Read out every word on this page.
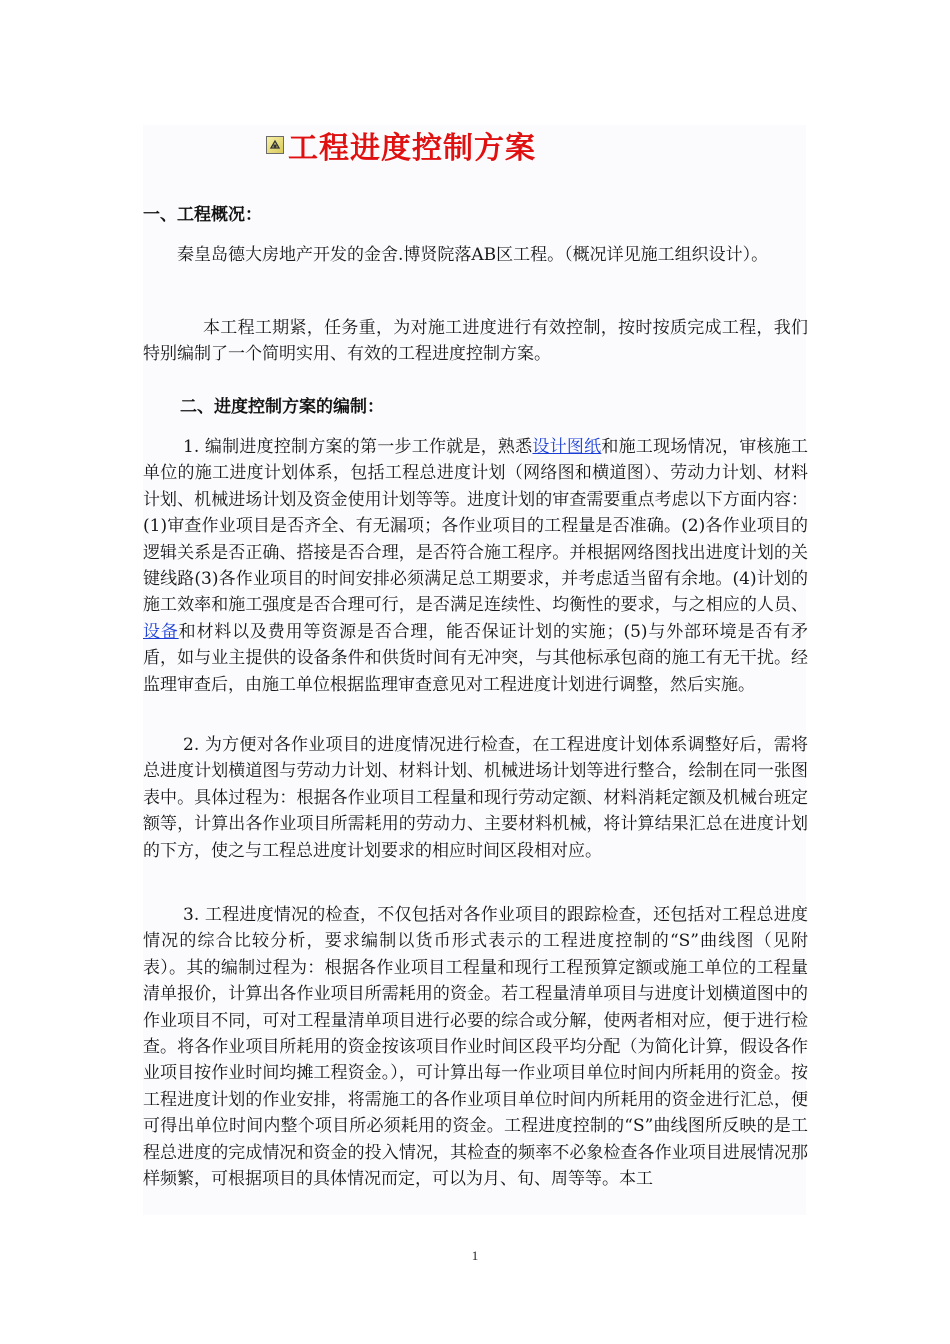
工程进度控制方案
一、工程概况：

秦皇岛德大房地产开发的金舍.博贤院落AB区工程。（概况详见施工组织设计）。

本工程工期紧，任务重，为对施工进度进行有效控制，按时按质完成工程，我们特别编制了一个简明实用、有效的工程进度控制方案。

二、进度控制方案的编制：

1. 编制进度控制方案的第一步工作就是，熟悉设计图纸和施工现场情况，审核施工单位的施工进度计划体系，包括工程总进度计划（网络图和横道图）、劳动力计划、材料计划、机械进场计划及资金使用计划等等。进度计划的审查需要重点考虑以下方面内容：(1)审查作业项目是否齐全、有无漏项；各作业项目的工程量是否准确。(2)各作业项目的逻辑关系是否正确、搭接是否合理，是否符合施工程序。并根据网络图找出进度计划的关键线路(3)各作业项目的时间安排必须满足总工期要求，并考虑适当留有余地。(4)计划的施工效率和施工强度是否合理可行，是否满足连续性、均衡性的要求，与之相应的人员、设备和材料以及费用等资源是否合理，能否保证计划的实施；(5)与外部环境是否有矛盾，如与业主提供的设备条件和供货时间有无冲突，与其他标承包商的施工有无干扰。经监理审查后，由施工单位根据监理审查意见对工程进度计划进行调整，然后实施。

2. 为方便对各作业项目的进度情况进行检查，在工程进度计划体系调整好后，需将总进度计划横道图与劳动力计划、材料计划、机械进场计划等进行整合，绘制在同一张图表中。具体过程为：根据各作业项目工程量和现行劳动定额、材料消耗定额及机械台班定额等，计算出各作业项目所需耗用的劳动力、主要材料机械，将计算结果汇总在进度计划的下方，使之与工程总进度计划要求的相应时间区段相对应。

3. 工程进度情况的检查，不仅包括对各作业项目的跟踪检查，还包括对工程总进度情况的综合比较分析，要求编制以货币形式表示的工程进度控制的“S”曲线图（见附表）。其的编制过程为：根据各作业项目工程量和现行工程预算定额或施工单位的工程量清单报价，计算出各作业项目所需耗用的资金。若工程量清单项目与进度计划横道图中的作业项目不同，可对工程量清单项目进行必要的综合或分解，使两者相对应，便于进行检查。将各作业项目所耗用的资金按该项目作业时间区段平均分配（为简化计算，假设各作业项目按作业时间均摊工程资金。），可计算出每一作业项目单位时间内所耗用的资金。按工程进度计划的作业安排，将需施工的各作业项目单位时间内所耗用的资金进行汇总，便可得出单位时间内整个项目所必须耗用的资金。工程进度控制的“S”曲线图所反映的是工程总进度的完成情况和资金的投入情况，其检查的频率不必象检查各作业项目进展情况那样频繁，可根据项目的具体情况而定，可以为月、旬、周等等。本工

1
